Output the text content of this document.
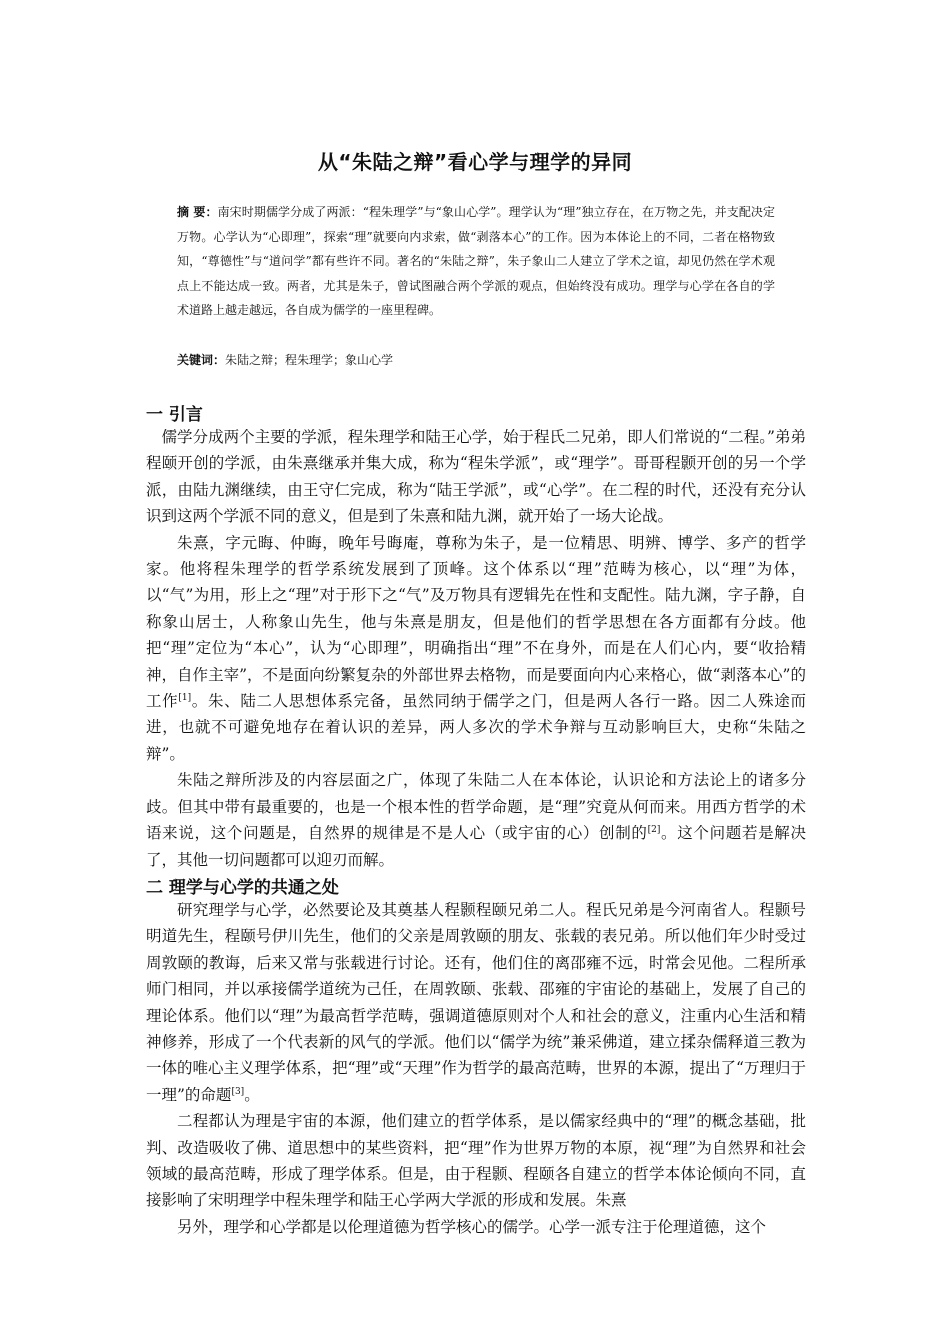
从“朱陆之辩”看心学与理学的异同
摘 要：南宋时期儒学分成了两派：“程朱理学”与“象山心学”。理学认为“理”独立存在，在万物之先，并支配决定万物。心学认为“心即理”，探索“理”就要向内求索，做“剥落本心”的工作。因为本体论上的不同，二者在格物致知，“尊德性”与“道问学”都有些许不同。著名的“朱陆之辩”，朱子象山二人建立了学术之谊，却见仍然在学术观点上不能达成一致。两者，尤其是朱子，曾试图融合两个学派的观点，但始终没有成功。理学与心学在各自的学术道路上越走越远，各自成为儒学的一座里程碑。
关键词：朱陆之辩；程朱理学；象山心学
一 引言

儒学分成两个主要的学派，程朱理学和陆王心学，始于程氏二兄弟，即人们常说的“二程。”弟弟程颐开创的学派，由朱熹继承并集大成，称为“程朱学派”，或“理学”。哥哥程颢开创的另一个学派，由陆九渊继续，由王守仁完成，称为“陆王学派”，或“心学”。在二程的时代，还没有充分认识到这两个学派不同的意义，但是到了朱熹和陆九渊，就开始了一场大论战。

朱熹，字元晦、仲晦，晚年号晦庵，尊称为朱子，是一位精思、明辨、博学、多产的哲学家。他将程朱理学的哲学系统发展到了顶峰。这个体系以“理”范畴为核心，以“理”为体，以“气”为用，形上之“理”对于形下之“气”及万物具有逻辑先在性和支配性。陆九渊，字子静，自称象山居士，人称象山先生，他与朱熹是朋友，但是他们的哲学思想在各方面都有分歧。他把“理”定位为“本心”，认为“心即理”，明确指出“理”不在身外，而是在人们心内，要“收拾精神，自作主宰”，不是面向纷繁复杂的外部世界去格物，而是要面向内心来格心，做“剥落本心”的工作[1]。朱、陆二人思想体系完备，虽然同纳于儒学之门，但是两人各行一路。因二人殊途而进，也就不可避免地存在着认识的差异，两人多次的学术争辩与互动影响巨大，史称“朱陆之辩”。

朱陆之辩所涉及的内容层面之广，体现了朱陆二人在本体论，认识论和方法论上的诸多分歧。但其中带有最重要的，也是一个根本性的哲学命题，是“理”究竟从何而来。用西方哲学的术语来说，这个问题是，自然界的规律是不是人心（或宇宙的心）创制的[2]。这个问题若是解决了，其他一切问题都可以迎刃而解。

二 理学与心学的共通之处

研究理学与心学，必然要论及其奠基人程颢程颐兄弟二人。程氏兄弟是今河南省人。程颢号明道先生，程颐号伊川先生，他们的父亲是周敦颐的朋友、张载的表兄弟。所以他们年少时受过周敦颐的教诲，后来又常与张载进行讨论。还有，他们住的离邵雍不远，时常会见他。二程所承师门相同，并以承接儒学道统为己任，在周敦颐、张载、邵雍的宇宙论的基础上，发展了自己的理论体系。他们以“理”为最高哲学范畴，强调道德原则对个人和社会的意义，注重内心生活和精神修养，形成了一个代表新的风气的学派。他们以“儒学为统”兼采佛道，建立揉杂儒释道三教为一体的唯心主义理学体系，把“理”或“天理”作为哲学的最高范畴，世界的本源，提出了“万理归于一理”的命题[3]。

二程都认为理是宇宙的本源，他们建立的哲学体系，是以儒家经典中的“理”的概念基础，批判、改造吸收了佛、道思想中的某些资料，把“理”作为世界万物的本原，视“理”为自然界和社会领域的最高范畴，形成了理学体系。但是，由于程颢、程颐各自建立的哲学本体论倾向不同，直接影响了宋明理学中程朱理学和陆王心学两大学派的形成和发展。朱熹

另外，理学和心学都是以伦理道德为哲学核心的儒学。心学一派专注于伦理道德，这个
